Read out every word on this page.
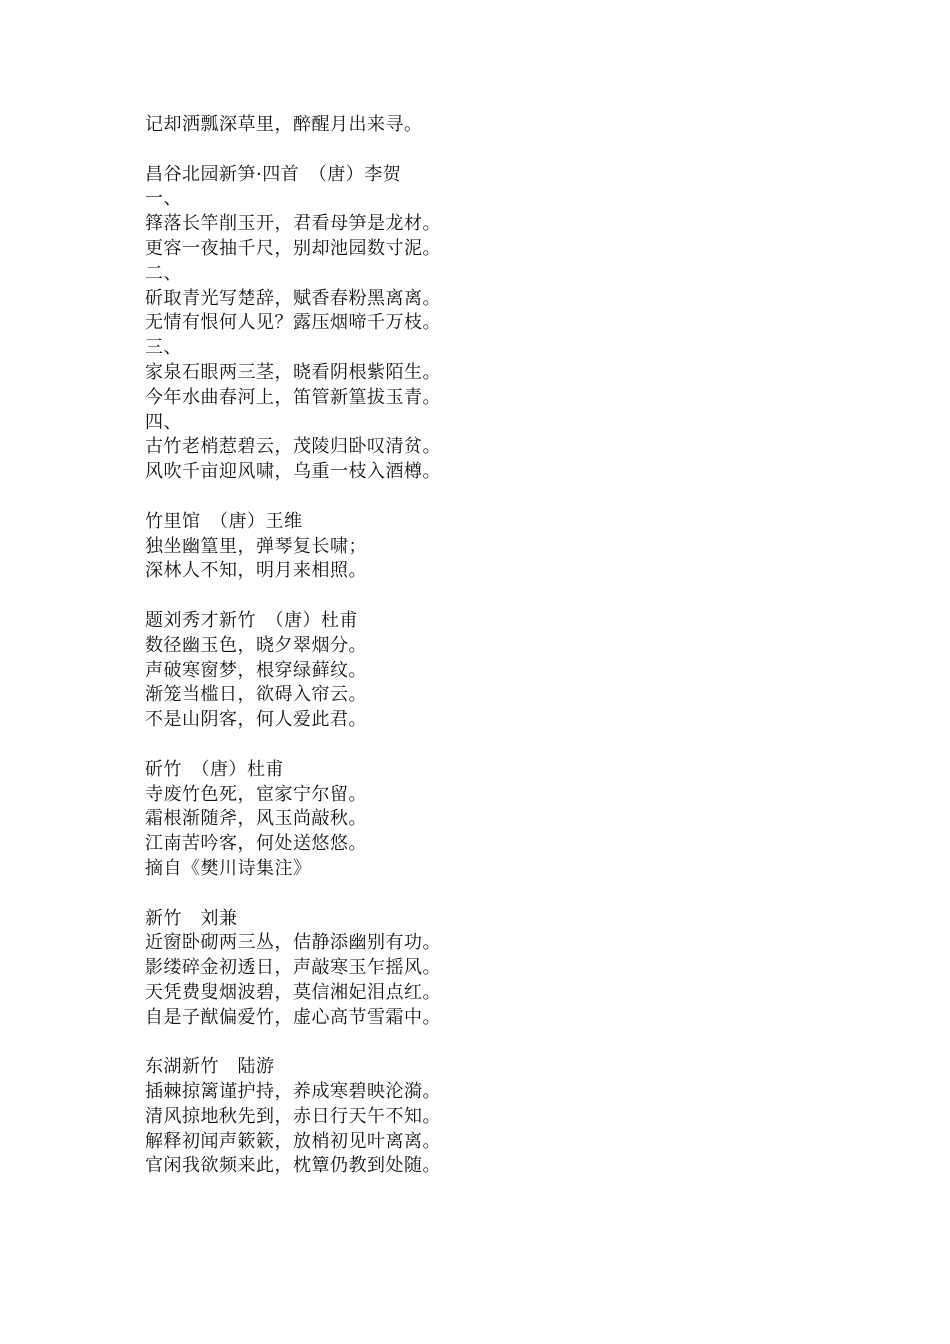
记却洒瓢深草里，醉醒月出来寻。
昌谷北园新笋·四首　（唐）李贺
一、
箨落长竿削玉开，君看母笋是龙材。
更容一夜抽千尺，别却池园数寸泥。
二、
斫取青光写楚辞，赋香春粉黑离离。
无情有恨何人见？露压烟啼千万枝。
三、
家泉石眼两三茎，晓看阴根紫陌生。
今年水曲春河上，笛管新篁拔玉青。
四、
古竹老梢惹碧云，茂陵归卧叹清贫。
风吹千亩迎风啸，乌重一枝入酒樽。
竹里馆　（唐）王维
独坐幽篁里，弹琴复长啸；
深林人不知，明月来相照。
题刘秀才新竹　（唐）杜甫
数径幽玉色，晓夕翠烟分。
声破寒窗梦，根穿绿藓纹。
渐笼当槛日，欲碍入帘云。
不是山阴客，何人爱此君。
斫竹　（唐）杜甫
寺废竹色死，宦家宁尔留。
霜根渐随斧，风玉尚敲秋。
江南苦吟客，何处送悠悠。
摘自《樊川诗集注》
新竹　刘兼
近窗卧砌两三丛，佶静添幽别有功。
影缕碎金初透日，声敲寒玉乍摇风。
天凭费叟烟波碧，莫信湘妃泪点红。
自是子猷偏爱竹，虚心高节雪霜中。
东湖新竹　陆游
插棘掠篱谨护持，养成寒碧映沦漪。
清风掠地秋先到，赤日行天午不知。
解释初闻声簌簌，放梢初见叶离离。
官闲我欲频来此，枕簟仍教到处随。
